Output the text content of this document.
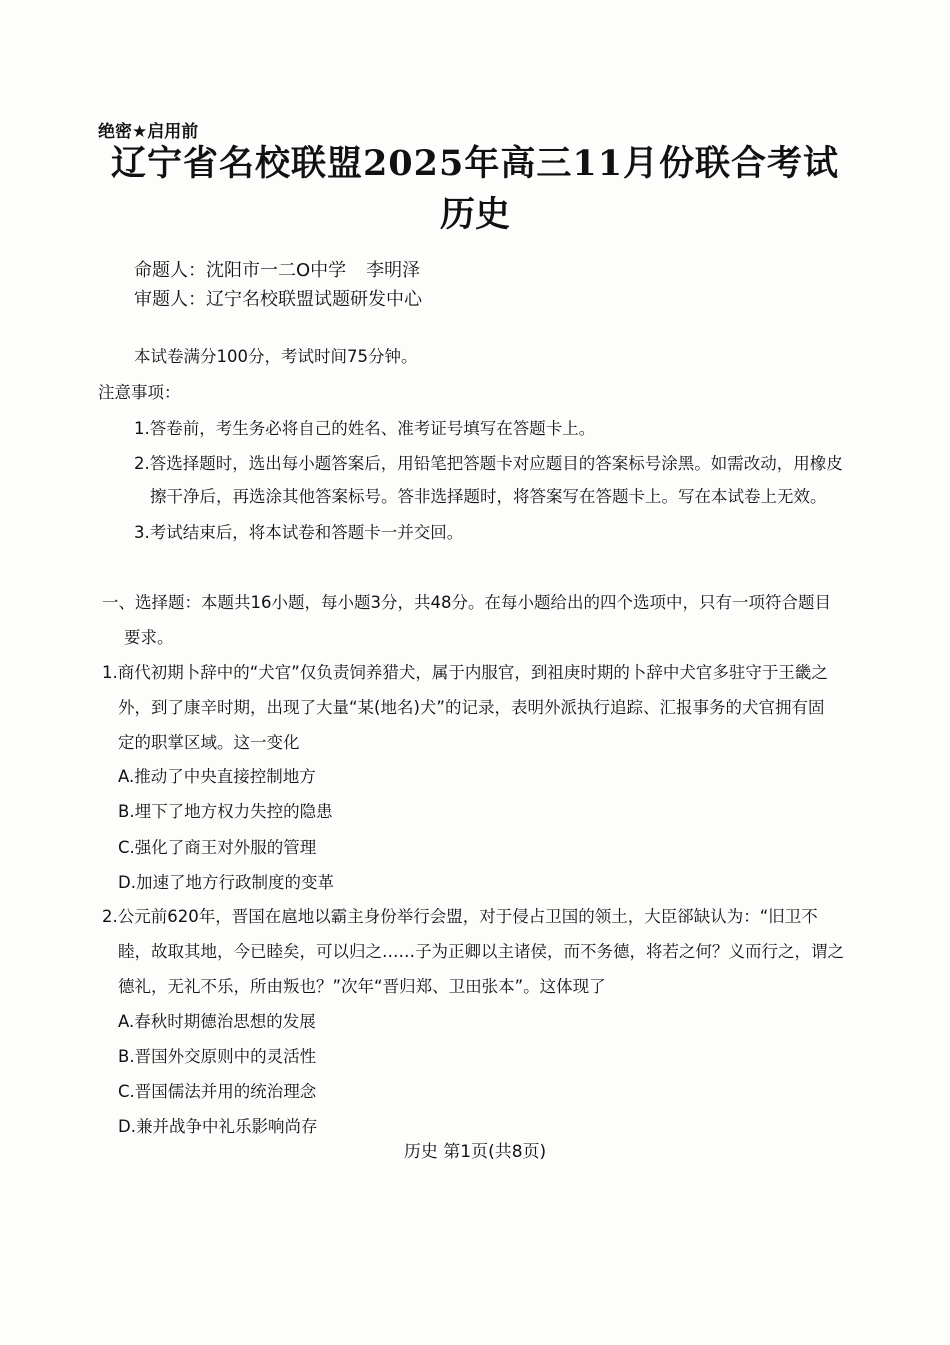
绝密★启用前
辽宁省名校联盟2025年高三11月份联合考试
历史
命题人：沈阳市一二O中学 李明泽
审题人：辽宁名校联盟试题研发中心
本试卷满分100分，考试时间75分钟。
注意事项：
1.答卷前，考生务必将自己的姓名、准考证号填写在答题卡上。
2.答选择题时，选出每小题答案后，用铅笔把答题卡对应题目的答案标号涂黑。如需改动，用橡皮
擦干净后，再选涂其他答案标号。答非选择题时，将答案写在答题卡上。写在本试卷上无效。
3.考试结束后，将本试卷和答题卡一并交回。
一、选择题：本题共16小题，每小题3分，共48分。在每小题给出的四个选项中，只有一项符合题目
要求。
1.商代初期卜辞中的“犬官”仅负责饲养猎犬，属于内服官，到祖庚时期的卜辞中犬官多驻守于王畿之
外，到了康辛时期，出现了大量“某(地名)犬”的记录，表明外派执行追踪、汇报事务的犬官拥有固
定的职掌区域。这一变化
A.推动了中央直接控制地方
B.埋下了地方权力失控的隐患
C.强化了商王对外服的管理
D.加速了地方行政制度的变革
2.公元前620年，晋国在扈地以霸主身份举行会盟，对于侵占卫国的领土，大臣郤缺认为：“旧卫不
睦，故取其地，今已睦矣，可以归之……子为正卿以主诸侯，而不务德，将若之何？义而行之，谓之
德礼，无礼不乐，所由叛也？”次年“晋归郑、卫田张本”。这体现了
A.春秋时期德治思想的发展
B.晋国外交原则中的灵活性
C.晋国儒法并用的统治理念
D.兼并战争中礼乐影响尚存
历史 第1页(共8页)
